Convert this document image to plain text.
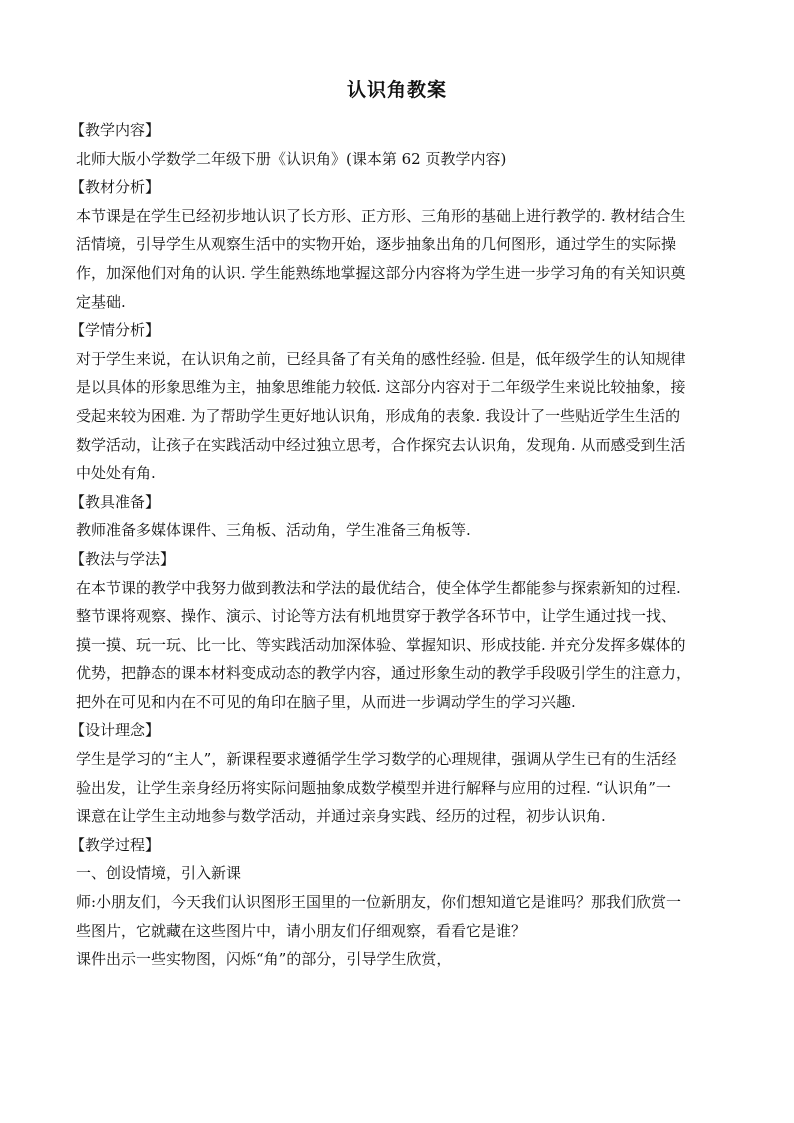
认识角教案
【教学内容】
北师大版小学数学二年级下册《认识角》(课本第 62 页教学内容)
【教材分析】
本节课是在学生已经初步地认识了长方形、正方形、三角形的基础上进行教学的. 教材结合生
活情境，引导学生从观察生活中的实物开始，逐步抽象出角的几何图形，通过学生的实际操
作，加深他们对角的认识. 学生能熟练地掌握这部分内容将为学生进一步学习角的有关知识奠
定基础.
【学情分析】
对于学生来说，在认识角之前，已经具备了有关角的感性经验. 但是，低年级学生的认知规律
是以具体的形象思维为主，抽象思维能力较低. 这部分内容对于二年级学生来说比较抽象，接
受起来较为困难. 为了帮助学生更好地认识角，形成角的表象. 我设计了一些贴近学生生活的
数学活动，让孩子在实践活动中经过独立思考，合作探究去认识角，发现角. 从而感受到生活
中处处有角.
【教具准备】
教师准备多媒体课件、三角板、活动角，学生准备三角板等.
【教法与学法】
在本节课的教学中我努力做到教法和学法的最优结合，使全体学生都能参与探索新知的过程.
整节课将观察、操作、演示、讨论等方法有机地贯穿于教学各环节中，让学生通过找一找、
摸一摸、玩一玩、比一比、等实践活动加深体验、掌握知识、形成技能. 并充分发挥多媒体的
优势，把静态的课本材料变成动态的教学内容，通过形象生动的教学手段吸引学生的注意力，
把外在可见和内在不可见的角印在脑子里，从而进一步调动学生的学习兴趣.
【设计理念】
学生是学习的“主人”，新课程要求遵循学生学习数学的心理规律，强调从学生已有的生活经
验出发，让学生亲身经历将实际问题抽象成数学模型并进行解释与应用的过程. “认识角”一
课意在让学生主动地参与数学活动，并通过亲身实践、经历的过程，初步认识角.
【教学过程】
一、创设情境，引入新课
师:小朋友们，今天我们认识图形王国里的一位新朋友，你们想知道它是谁吗？那我们欣赏一
些图片，它就藏在这些图片中，请小朋友们仔细观察，看看它是谁？
课件出示一些实物图，闪烁“角”的部分，引导学生欣赏，
